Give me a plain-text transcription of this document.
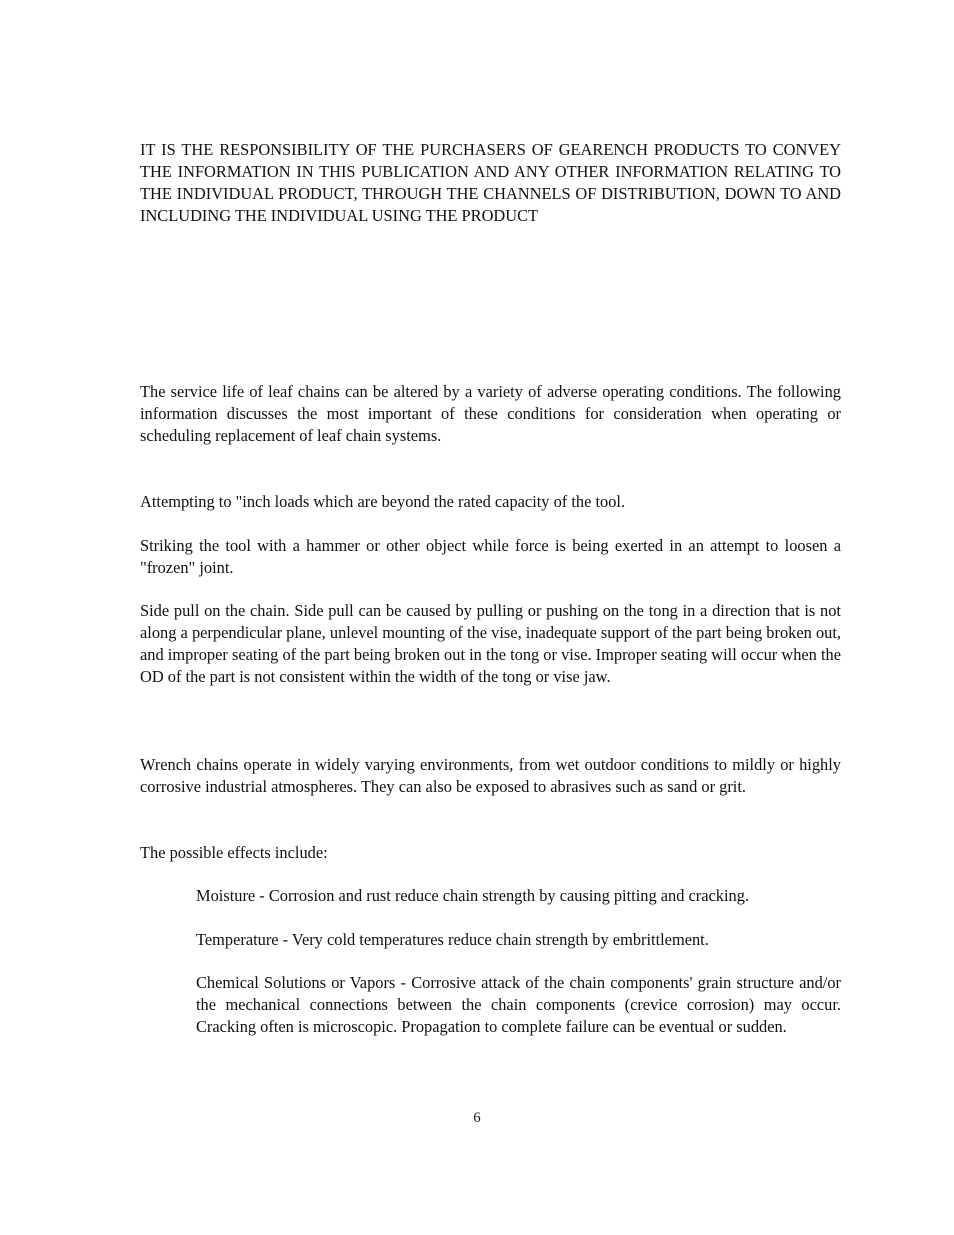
IT IS THE RESPONSIBILITY OF THE PURCHASERS OF GEARENCH PRODUCTS TO CONVEY THE INFORMATION IN THIS PUBLICATION AND ANY OTHER INFORMATION RELATING TO THE INDIVIDUAL PRODUCT, THROUGH THE CHANNELS OF DISTRIBUTION, DOWN TO AND INCLUDING THE INDIVIDUAL USING THE PRODUCT

The service life of leaf chains can be altered by a variety of adverse operating conditions. The following information discusses the most important of these conditions for consideration when operating or scheduling replacement of leaf chain systems.

Attempting to "inch loads which are beyond the rated capacity of the tool.

Striking the tool with a hammer or other object while force is being exerted in an attempt to loosen a "frozen" joint.

Side pull on the chain. Side pull can be caused by pulling or pushing on the tong in a direction that is not along a perpendicular plane, unlevel mounting of the vise, inadequate support of the part being broken out, and improper seating of the part being broken out in the tong or vise. Improper seating will occur when the OD of the part is not consistent within the width of the tong or vise jaw.

Wrench chains operate in widely varying environments, from wet outdoor conditions to mildly or highly corrosive industrial atmospheres. They can also be exposed to abrasives such as sand or grit.

The possible effects include:

Moisture - Corrosion and rust reduce chain strength by causing pitting and cracking.

Temperature - Very cold temperatures reduce chain strength by embrittlement.

Chemical Solutions or Vapors - Corrosive attack of the chain components' grain structure and/or the mechanical connections between the chain components (crevice corrosion) may occur. Cracking often is microscopic. Propagation to complete failure can be eventual or sudden.

6
